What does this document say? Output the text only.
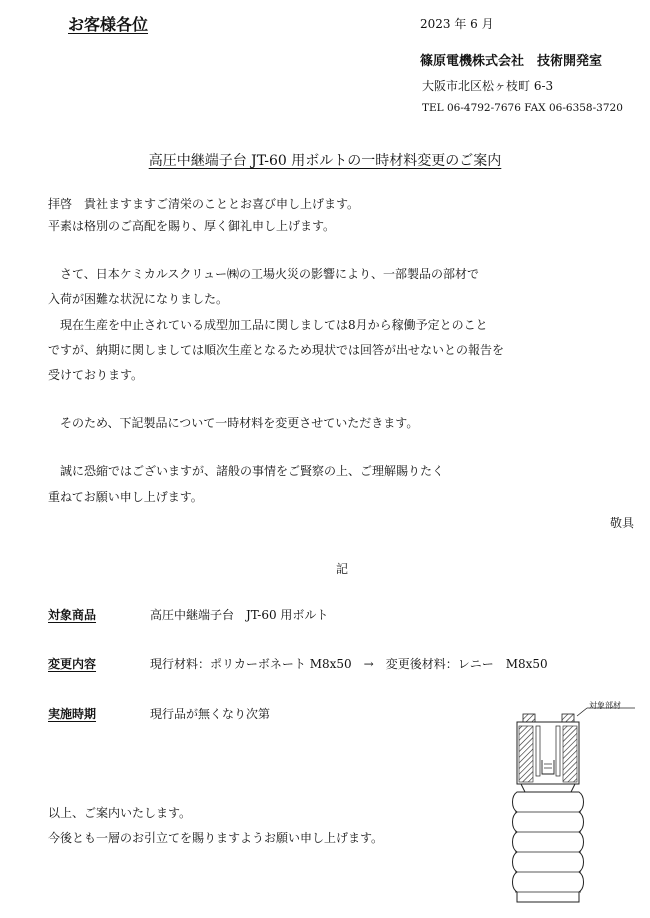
お客様各位	2023 年 6 月
篠原電機株式会社　技術開発室
大阪市北区松ヶ枝町 6-3
TEL 06-4792-7676 FAX 06-6358-3720
高圧中継端子台 JT-60 用ボルトの一時材料変更のご案内
拝啓　貴社ますますご清栄のこととお喜び申し上げます。
平素は格別のご高配を賜り、厚く御礼申し上げます。
　さて、日本ケミカルスクリュー㈱の工場火災の影響により、一部製品の部材で
入荷が困難な状況になりました。
　現在生産を中止されている成型加工品に関しましては8月から稼働予定とのこと
ですが、納期に関しましては順次生産となるため現状では回答が出せないとの報告を
受けております。
　そのため、下記製品について一時材料を変更させていただきます。
　誠に恐縮ではございますが、諸般の事情をご賢察の上、ご理解賜りたく
重ねてお願い申し上げます。
敬具
記
対象商品	高圧中継端子台　JT-60 用ボルト
変更内容	現行材料：ポリカーボネート M8x50　→　変更後材料：レニー　M8x50
実施時期	現行品が無くなり次第
以上、ご案内いたします。
今後とも一層のお引立てを賜りますようお願い申し上げます。
対象部材
